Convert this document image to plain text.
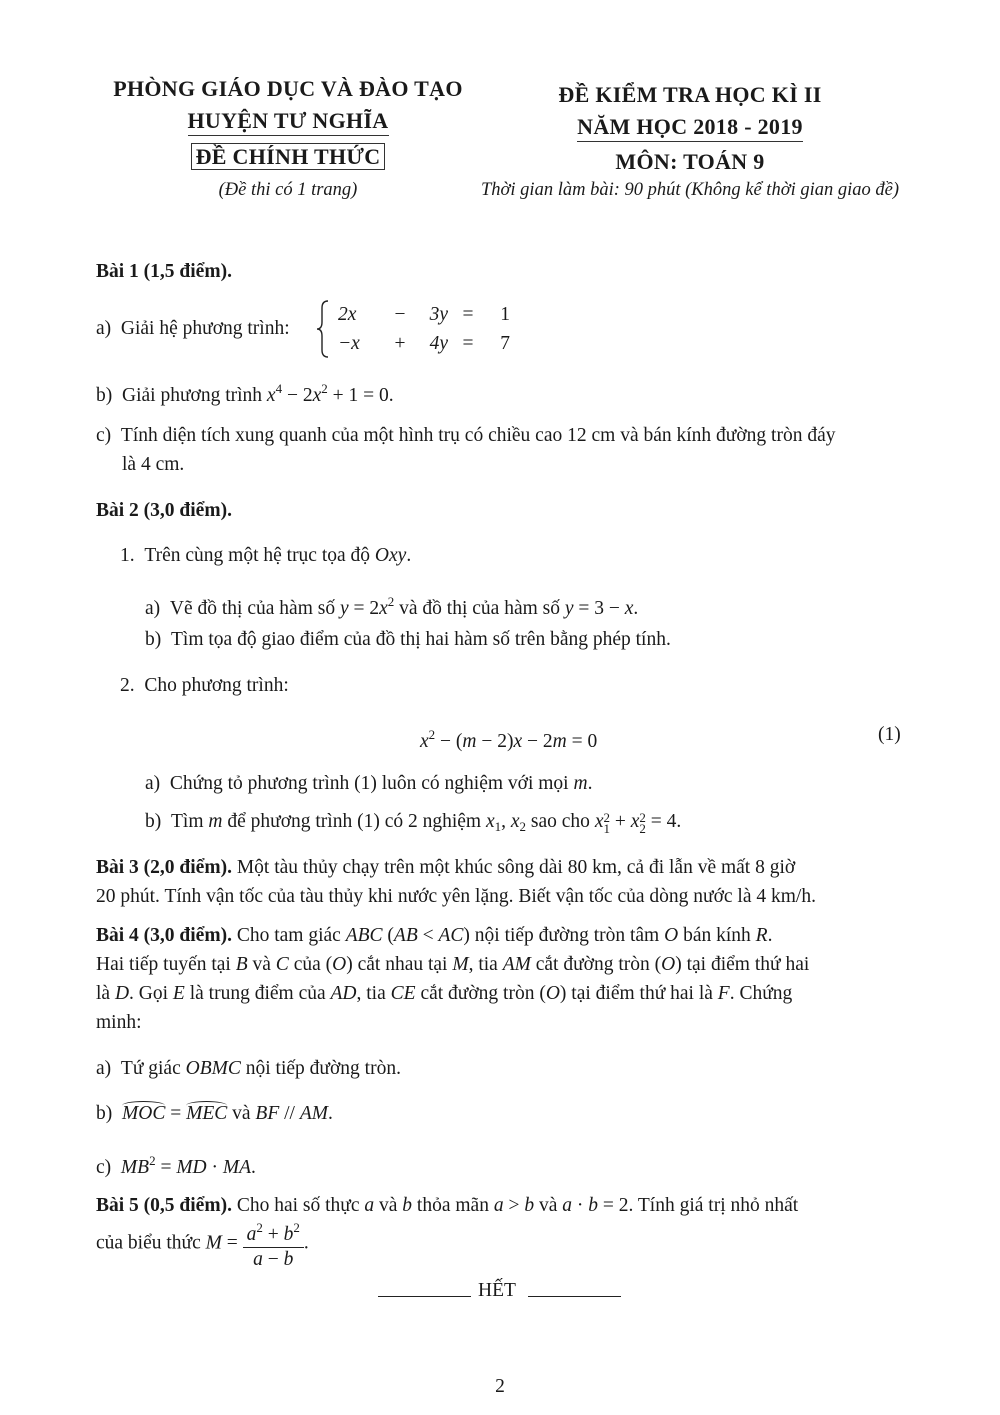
PHÒNG GIÁO DỤC VÀ ĐÀO TẠO
HUYỆN TƯ NGHĨA
ĐỀ CHÍNH THỨC
(Đề thi có 1 trang)
ĐỀ KIỂM TRA HỌC KÌ II
NĂM HỌC 2018 - 2019
MÔN: TOÁN 9
Thời gian làm bài: 90 phút (Không kể thời gian giao đề)
Bài 1 (1,5 điểm).
a) Giải hệ phương trình:
2x − 3y = 1
−x + 4y = 7
b) Giải phương trình $x^4 - 2x^2 + 1 = 0$.
c) Tính diện tích xung quanh của một hình trụ có chiều cao 12 cm và bán kính đường tròn đáy
là 4 cm.
Bài 2 (3,0 điểm).
1. Trên cùng một hệ trục tọa độ Oxy.
a) Vẽ đồ thị của hàm số $y = 2x^2$ và đồ thị của hàm số y = 3 − x.
b) Tìm tọa độ giao điểm của đồ thị hai hàm số trên bằng phép tính.
2. Cho phương trình:
$x^2 - (m - 2)x - 2m = 0$	(1)
a) Chứng tỏ phương trình (1) luôn có nghiệm với mọi m.
b) Tìm m để phương trình (1) có 2 nghiệm $x_1$, $x_2$ sao cho x 2
1 + x 2
2 = 4.
Bài 3 (2,0 điểm). Một tàu thủy chạy trên một khúc sông dài 80 km, cả đi lẫn về mất 8 giờ
20 phút. Tính vận tốc của tàu thủy khi nước yên lặng. Biết vận tốc của dòng nước là 4 km/h.
Bài 4 (3,0 điểm). Cho tam giác ABC (AB < AC) nội tiếp đường tròn tâm O bán kính R.
Hai tiếp tuyến tại B và C của (O) cắt nhau tại M, tia AM cắt đường tròn (O) tại điểm thứ hai
là D. Gọi E là trung điểm của AD, tia CE cắt đường tròn (O) tại điểm thứ hai là F. Chứng
minh:
a) Tứ giác OBMC nội tiếp đường tròn.
b) MOC = MEC và BF // AM.
c) $MB^2$ = MD · MA.
Bài 5 (0,5 điểm). Cho hai số thực a và b thỏa mãn a > b và a · b = 2. Tính giá trị nhỏ nhất
của biểu thức $M = \frac{a^2 + b^2}{a - b}$ .
HẾT
2
